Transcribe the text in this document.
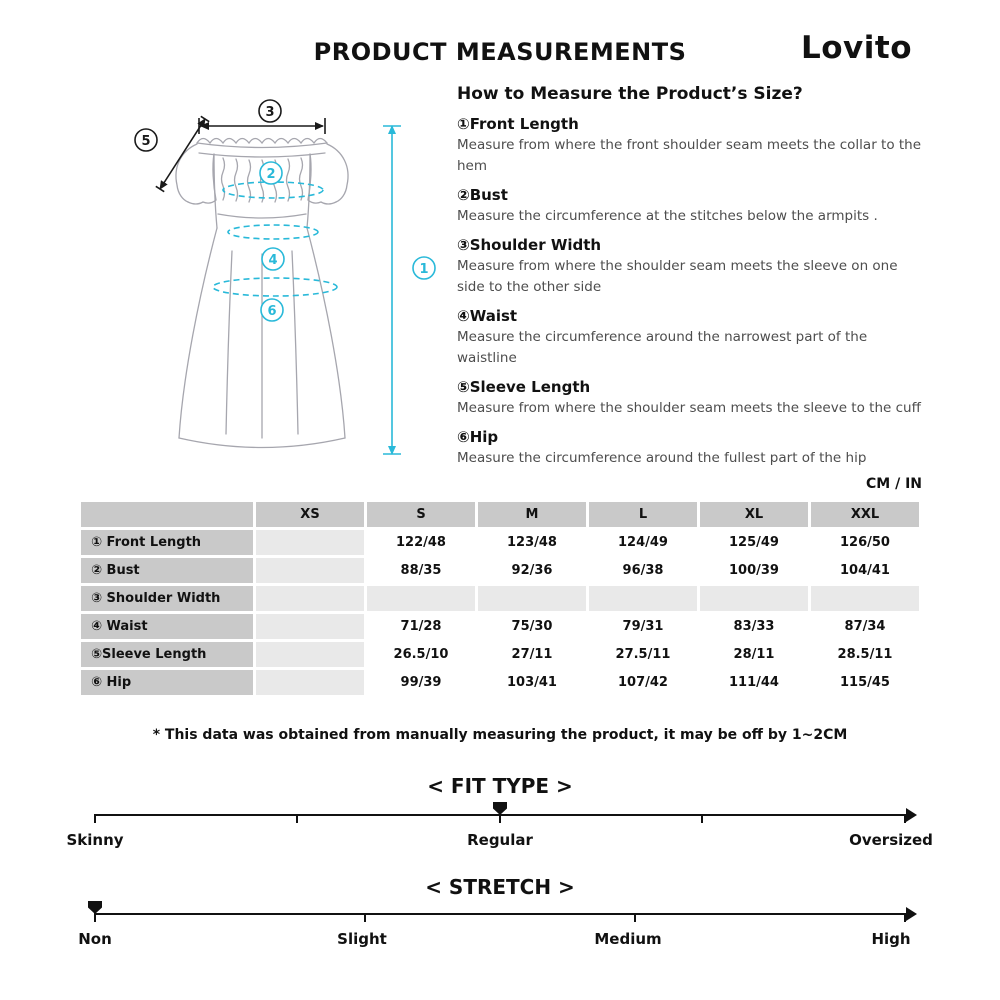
PRODUCT MEASUREMENTS	Lovito
3
5
2
4
6
1
How to Measure the Product’s Size?
①Front Length
Measure from where the front shoulder seam meets the collar to the hem
②Bust
Measure the circumference at the stitches below the armpits .
③Shoulder Width
Measure from where the shoulder seam meets the sleeve on one side to the other side
④Waist
Measure the circumference around the narrowest part of the waistline
⑤Sleeve Length
Measure from where the shoulder seam meets the sleeve to the cuff
⑥Hip
Measure the circumference around the fullest part of the hip
CM / IN
	XS	S	M	L	XL	XXL
① Front Length		122/48	123/48	124/49	125/49	126/50
② Bust		88/35	92/36	96/38	100/39	104/41
③ Shoulder Width						
④ Waist		71/28	75/30	79/31	83/33	87/34
⑤Sleeve Length		26.5/10	27/11	27.5/11	28/11	28.5/11
⑥ Hip		99/39	103/41	107/42	111/44	115/45
* This data was obtained from manually measuring the product, it may be off by 1~2CM
< FIT TYPE >
Skinny	Regular	Oversized
< STRETCH >
Non	Slight	Medium	High
